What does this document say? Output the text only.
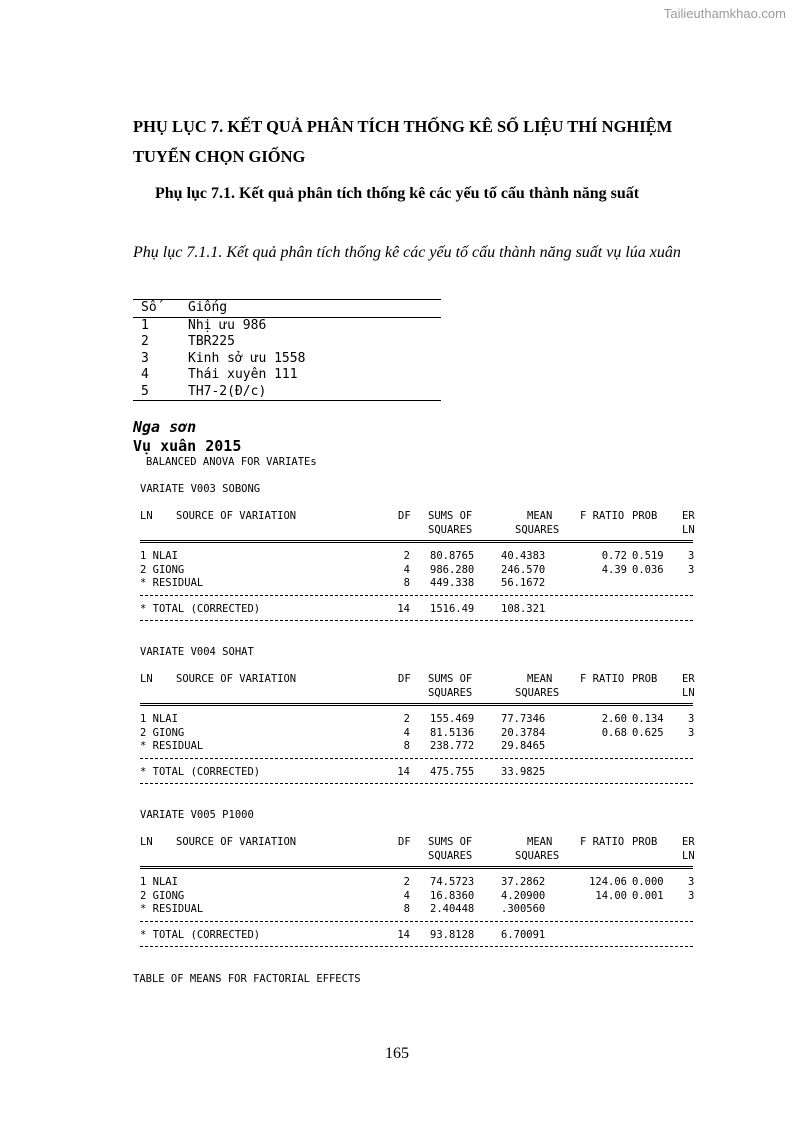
Tailieuthamkhao.com
PHỤ LỤC 7. KẾT QUẢ PHÂN TÍCH THỐNG KÊ SỐ LIỆU THÍ NGHIỆM TUYỂN CHỌN GIỐNG
Phụ lục 7.1. Kết quả phân tích thống kê các yếu tố cấu thành năng suất
Phụ lục 7.1.1. Kết quả phân tích thống kê các yếu tố cấu thành năng suất vụ lúa xuân
Số	Giống
1	Nhị ưu 986
2	TBR225
3	Kinh sở ưu 1558
4	Thái xuyên 111
5	TH7-2(Đ/c)
Nga sơn
Vụ xuân 2015
BALANCED ANOVA FOR VARIATEs
VARIATE V003 SOBONG
LN SOURCE OF VARIATION	DF SUMS OF	MEAN	F RATIO PROB ER
SQUARES	SQUARES	LN
1 NLAI	2 80.8765	40.4383	0.72 0.519 3
2 GIONG	4 986.280	246.570	4.39 0.036 3
* RESIDUAL	8 449.338	56.1672
* TOTAL (CORRECTED)	14 1516.49	108.321
VARIATE V004 SOHAT
LN SOURCE OF VARIATION	DF SUMS OF	MEAN	F RATIO PROB ER
SQUARES	SQUARES	LN
1 NLAI	2 155.469	77.7346	2.60 0.134 3
2 GIONG	4 81.5136	20.3784	0.68 0.625 3
* RESIDUAL	8 238.772	29.8465
* TOTAL (CORRECTED)	14 475.755	33.9825
VARIATE V005 P1000
LN SOURCE OF VARIATION	DF SUMS OF	MEAN	F RATIO PROB ER
SQUARES	SQUARES	LN
1 NLAI	2 74.5723	37.2862	124.06 0.000 3
2 GIONG	4 16.8360	4.20900	14.00 0.001 3
* RESIDUAL	8 2.40448	.300560
* TOTAL (CORRECTED)	14 93.8128	6.70091
TABLE OF MEANS FOR FACTORIAL EFFECTS
165
